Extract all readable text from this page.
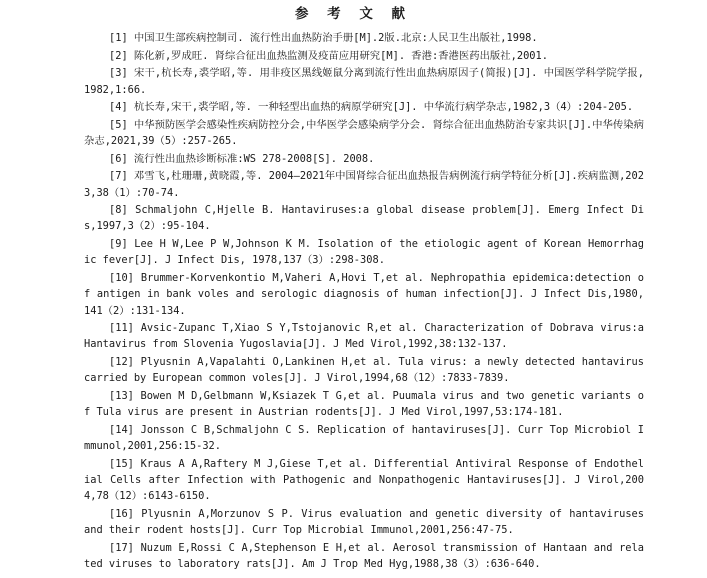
参 考 文 献
[1] 中国卫生部疾病控制司. 流行性出血热防治手册[M].2版.北京:人民卫生出版社,1998.
[2] 陈化新,罗成旺. 肾综合征出血热监测及疫苗应用研究[M]. 香港:香港医药出版社,2001.
[3] 宋干,杭长寿,裘学昭,等. 用非疫区黑线姬鼠分离到流行性出血热病原因子(简报)[J]. 中国医学科学院学报,1982,1:66.
[4] 杭长寿,宋干,裘学昭,等. 一种轻型出血热的病原学研究[J]. 中华流行病学杂志,1982,3（4）:204-205.
[5] 中华预防医学会感染性疾病防控分会,中华医学会感染病学分会. 肾综合征出血热防治专家共识[J].中华传染病杂志,2021,39（5）:257-265.
[6] 流行性出血热诊断标准:WS 278-2008[S]. 2008.
[7] 邓雪飞,杜珊珊,黄晓霞,等. 2004—2021年中国肾综合征出血热报告病例流行病学特征分析[J].疾病监测,2023,38（1）:70-74.
[8] Schmaljohn C,Hjelle B. Hantaviruses:a global disease problem[J]. Emerg Infect Dis,1997,3（2）:95-104.
[9] Lee H W,Lee P W,Johnson K M. Isolation of the etiologic agent of Korean Hemorrhagic fever[J]. J Infect Dis, 1978,137（3）:298-308.
[10] Brummer-Korvenkontio M,Vaheri A,Hovi T,et al. Nephropathia epidemica:detection of antigen in bank voles and serologic diagnosis of human infection[J]. J Infect Dis,1980,141（2）:131-134.
[11] Avsic-Zupanc T,Xiao S Y,Tstojanovic R,et al. Characterization of Dobrava virus:a Hantavirus from Slovenia Yugoslavia[J]. J Med Virol,1992,38:132-137.
[12] Plyusnin A,Vapalahti O,Lankinen H,et al. Tula virus: a newly detected hantavirus carried by European common voles[J]. J Virol,1994,68（12）:7833-7839.
[13] Bowen M D,Gelbmann W,Ksiazek T G,et al. Puumala virus and two genetic variants of Tula virus are present in Austrian rodents[J]. J Med Virol,1997,53:174-181.
[14] Jonsson C B,Schmaljohn C S. Replication of hantaviruses[J]. Curr Top Microbiol Immunol,2001,256:15-32.
[15] Kraus A A,Raftery M J,Giese T,et al. Differential Antiviral Response of Endothelial Cells after Infection with Pathogenic and Nonpathogenic Hantaviruses[J]. J Virol,2004,78（12）:6143-6150.
[16] Plyusnin A,Morzunov S P. Virus evaluation and genetic diversity of hantaviruses and their rodent hosts[J]. Curr Top Microbial Immunol,2001,256:47-75.
[17] Nuzum E,Rossi C A,Stephenson E H,et al. Aerosol transmission of Hantaan and related viruses to laboratory rats[J]. Am J Trop Med Hyg,1988,38（3）:636-640.
